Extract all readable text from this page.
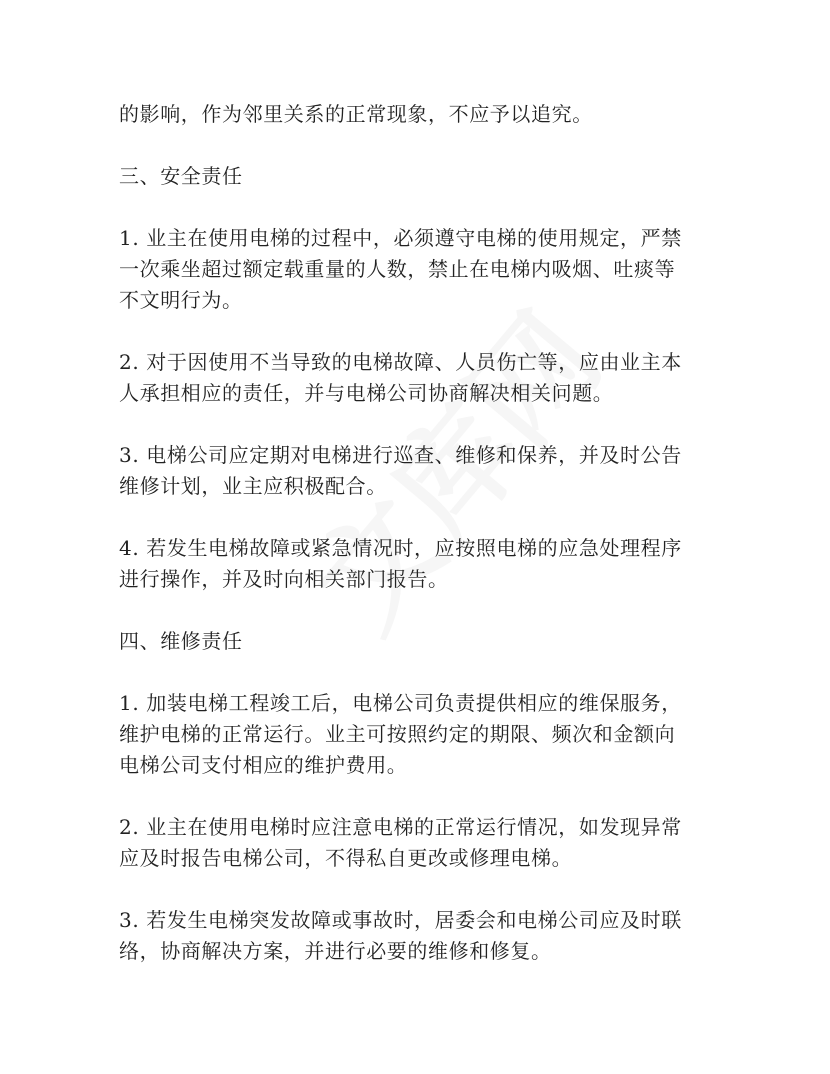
的影响，作为邻里关系的正常现象，不应予以追究。
三、安全责任
1. 业主在使用电梯的过程中，必须遵守电梯的使用规定，严禁
一次乘坐超过额定载重量的人数，禁止在电梯内吸烟、吐痰等
不文明行为。
2. 对于因使用不当导致的电梯故障、人员伤亡等，应由业主本
人承担相应的责任，并与电梯公司协商解决相关问题。
3. 电梯公司应定期对电梯进行巡查、维修和保养，并及时公告
维修计划，业主应积极配合。
4. 若发生电梯故障或紧急情况时，应按照电梯的应急处理程序
进行操作，并及时向相关部门报告。
四、维修责任
1. 加装电梯工程竣工后，电梯公司负责提供相应的维保服务，
维护电梯的正常运行。业主可按照约定的期限、频次和金额向
电梯公司支付相应的维护费用。
2. 业主在使用电梯时应注意电梯的正常运行情况，如发现异常
应及时报告电梯公司，不得私自更改或修理电梯。
3. 若发生电梯突发故障或事故时，居委会和电梯公司应及时联
络，协商解决方案，并进行必要的维修和修复。
